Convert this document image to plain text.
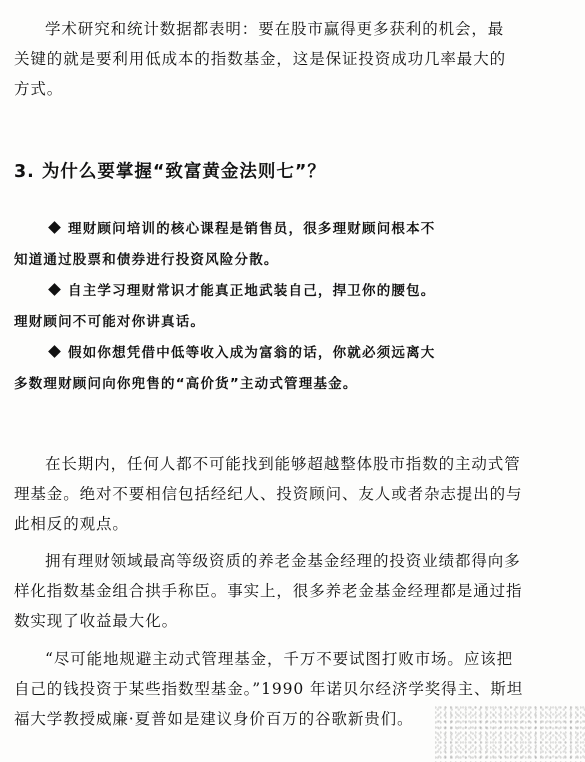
学术研究和统计数据都表明：要在股市赢得更多获利的机会，最
关键的就是要利用低成本的指数基金，这是保证投资成功几率最大的
方式。
3. 为什么要掌握“致富黄金法则七”？
理财顾问培训的核心课程是销售员，很多理财顾问根本不
知道通过股票和债券进行投资风险分散。
自主学习理财常识才能真正地武装自己，捍卫你的腰包。
理财顾问不可能对你讲真话。
假如你想凭借中低等收入成为富翁的话，你就必须远离大
多数理财顾问向你兜售的“高价货”主动式管理基金。
在长期内，任何人都不可能找到能够超越整体股市指数的主动式管
理基金。绝对不要相信包括经纪人、投资顾问、友人或者杂志提出的与
此相反的观点。
拥有理财领域最高等级资质的养老金基金经理的投资业绩都得向多
样化指数基金组合拱手称臣。事实上，很多养老金基金经理都是通过指
数实现了收益最大化。
“尽可能地规避主动式管理基金，千万不要试图打败市场。应该把
自己的钱投资于某些指数型基金。”1990 年诺贝尔经济学奖得主、斯坦
福大学教授威廉·夏普如是建议身价百万的谷歌新贵们。
